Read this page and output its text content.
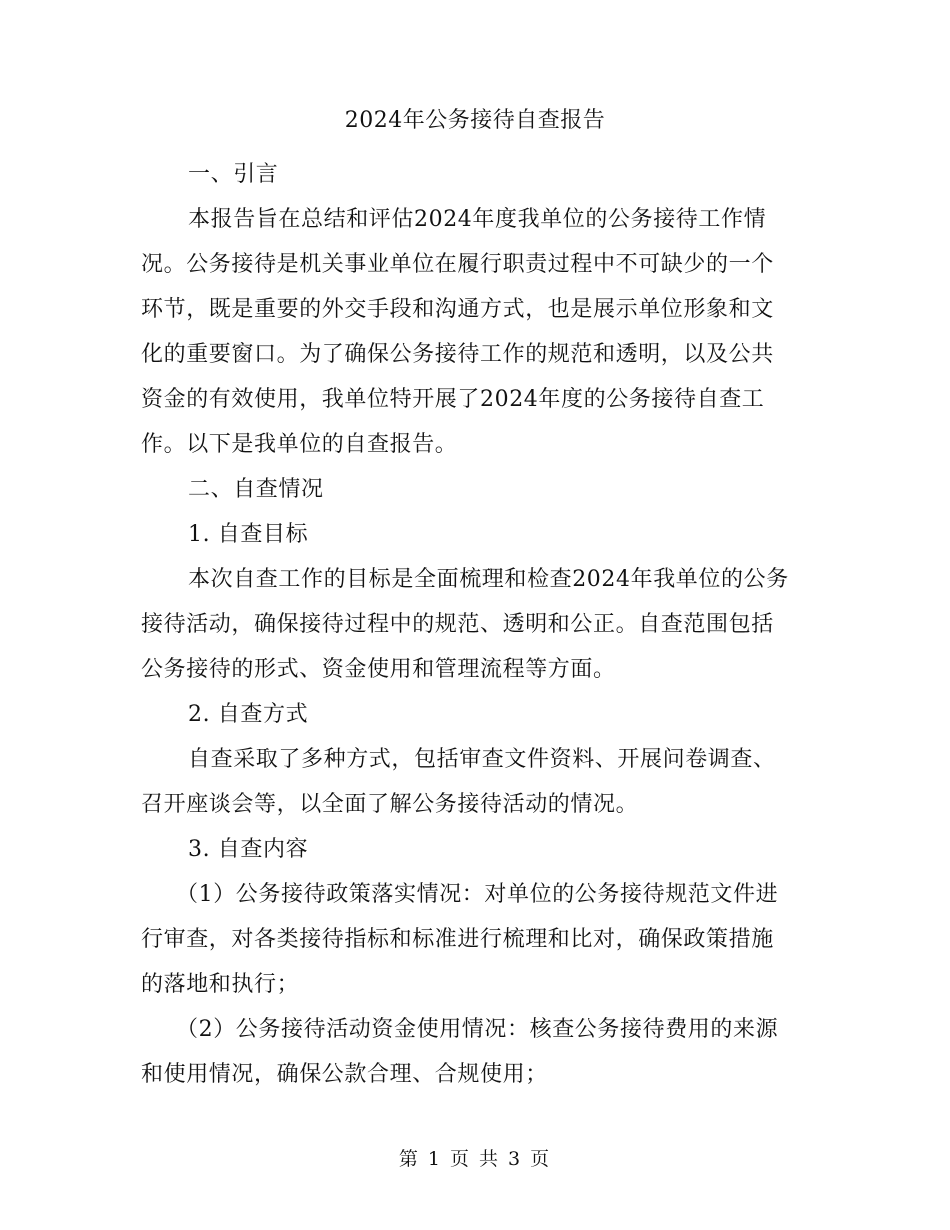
2024年公务接待自查报告
一、引言
本报告旨在总结和评估2024年度我单位的公务接待工作情
况。公务接待是机关事业单位在履行职责过程中不可缺少的一个
环节，既是重要的外交手段和沟通方式，也是展示单位形象和文
化的重要窗口。为了确保公务接待工作的规范和透明，以及公共
资金的有效使用，我单位特开展了2024年度的公务接待自查工
作。以下是我单位的自查报告。
二、自查情况
1. 自查目标
本次自查工作的目标是全面梳理和检查2024年我单位的公务
接待活动，确保接待过程中的规范、透明和公正。自查范围包括
公务接待的形式、资金使用和管理流程等方面。
2. 自查方式
自查采取了多种方式，包括审查文件资料、开展问卷调查、
召开座谈会等，以全面了解公务接待活动的情况。
3. 自查内容
（1）公务接待政策落实情况：对单位的公务接待规范文件进
行审查，对各类接待指标和标准进行梳理和比对，确保政策措施
的落地和执行；
（2）公务接待活动资金使用情况：核查公务接待费用的来源
和使用情况，确保公款合理、合规使用；
第 1 页 共 3 页
